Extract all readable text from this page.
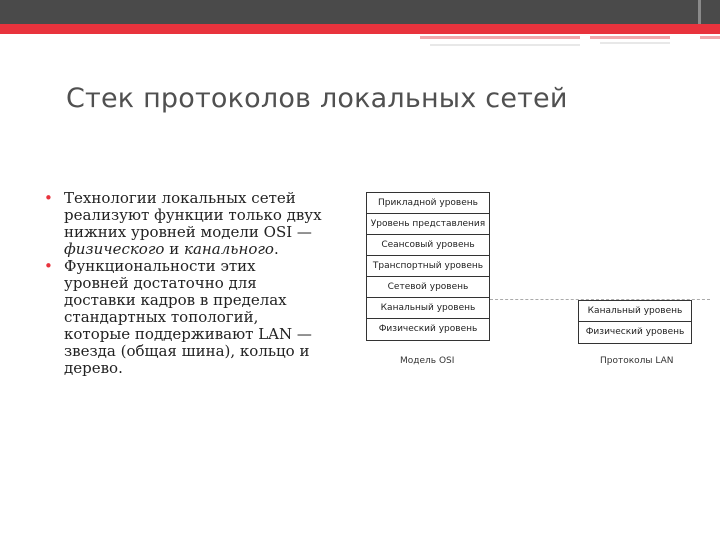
Стек протоколов локальных сетей
• Технологии локальных сетей реализуют функции только двух нижних уровней модели OSI — физического и канального.
• Функциональности этих уровней достаточно для доставки кадров в пределах стандартных топологий, которые поддерживают LAN — звезда (общая шина), кольцо и дерево.
Прикладной уровень
Уровень представления
Сеансовый уровень
Транспортный уровень
Сетевой уровень
Канальный уровень
Физический уровень
Канальный уровень
Физический уровень
Модель OSI	Протоколы LAN
